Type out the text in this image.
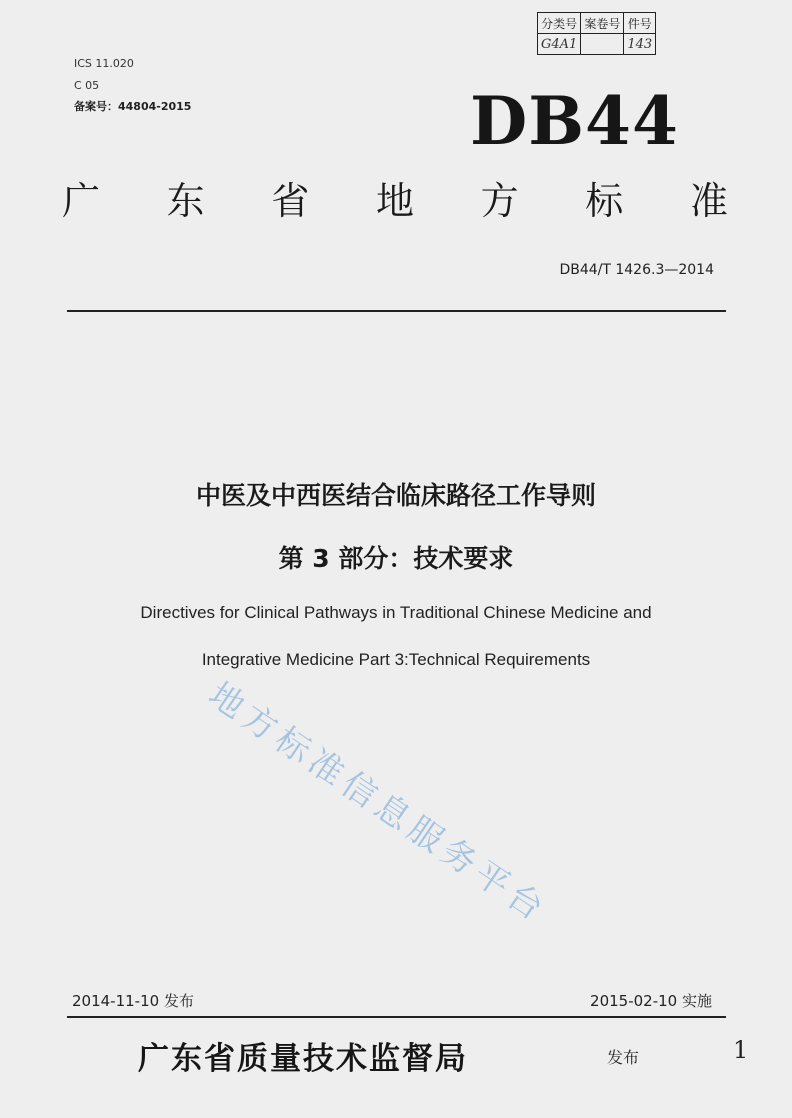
分类号	案卷号	件号
G4A1		143
ICS 11.020
C 05
备案号：44804-2015	DB44
广 东 省 地 方 标 准
DB44/T 1426.3—2014
中医及中西医结合临床路径工作导则
第 3 部分：技术要求
Directives for Clinical Pathways in Traditional Chinese Medicine and
Integrative Medicine Part 3:Technical Requirements
地方标准信息服务平台
2014-11-10 发布	2015-02-10 实施
广东省质量技术监督局	发布	1
